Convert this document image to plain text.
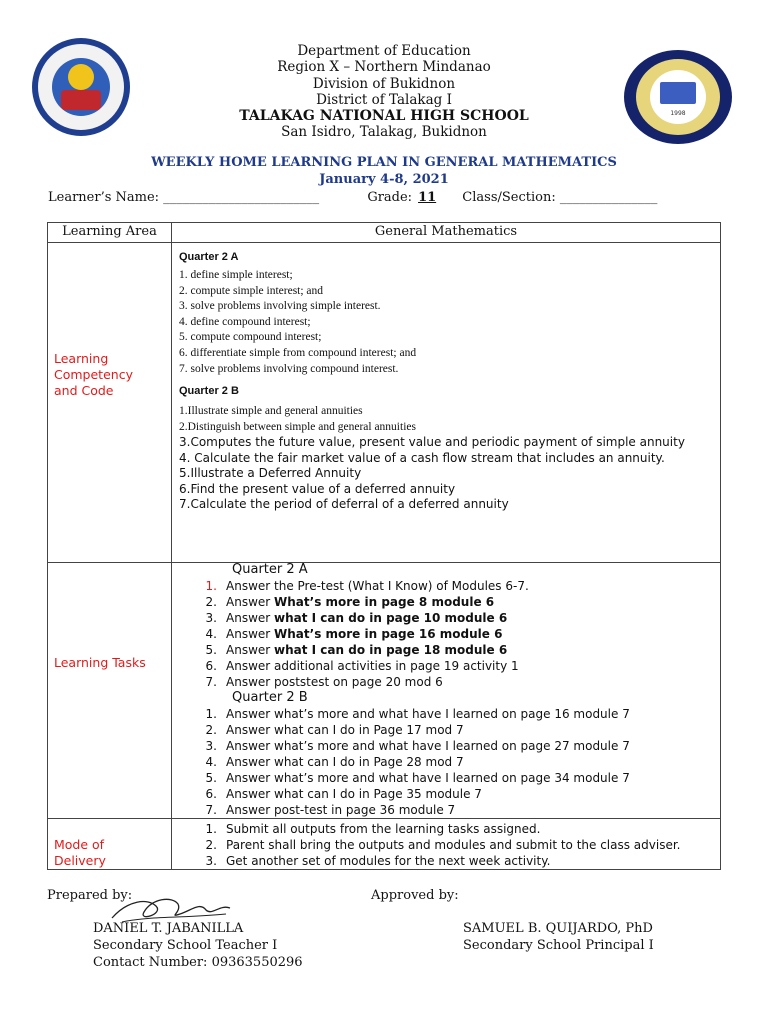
1998
Department of Education
Region X – Northern Mindanao
Division of Bukidnon
District of Talakag I
TALAKAG NATIONAL HIGH SCHOOL
San Isidro, Talakag, Bukidnon
WEEKLY HOME LEARNING PLAN IN GENERAL MATHEMATICS
January 4-8, 2021
Learner’s Name: ________________________	Grade: 11 Class/Section: _______________
Learning Area	General Mathematics
Learning Competency and Code
Quarter 2 A
1. define simple interest;
2. compute simple interest; and
3. solve problems involving simple interest.
4. define compound interest;
5. compute compound interest;
6. differentiate simple from compound interest; and
7. solve problems involving compound interest.
Quarter 2 B
1.Illustrate simple and general annuities
2.Distinguish between simple and general annuities
3.Computes the future value, present value and periodic payment of simple annuity
4. Calculate the fair market value of a cash flow stream that includes an annuity.
5.Illustrate a Deferred Annuity
6.Find the present value of a deferred annuity
7.Calculate the period of deferral of a deferred annuity
Learning Tasks
Quarter 2 A
1. Answer the Pre-test (What I Know) of Modules 6-7.
2. Answer What’s more in page 8 module 6
3. Answer what I can do in page 10 module 6
4. Answer What’s more in page 16 module 6
5. Answer what I can do in page 18 module 6
6. Answer additional activities in page 19 activity 1
7. Answer poststest on page 20 mod 6
Quarter 2 B
1. Answer what’s more and what have I learned on page 16 module 7
2. Answer what can I do in Page 17 mod 7
3. Answer what’s more and what have I learned on page 27 module 7
4. Answer what can I do in Page 28 mod 7
5. Answer what’s more and what have I learned on page 34 module 7
6. Answer what can I do in Page 35 module 7
7. Answer post-test in page 36 module 7
Mode of Delivery
1. Submit all outputs from the learning tasks assigned.
2. Parent shall bring the outputs and modules and submit to the class adviser.
3. Get another set of modules for the next week activity.
Prepared by:
DANIEL T. JABANILLA
Secondary School Teacher I
Contact Number: 09363550296
Approved by:
SAMUEL B. QUIJARDO, PhD
Secondary School Principal I
